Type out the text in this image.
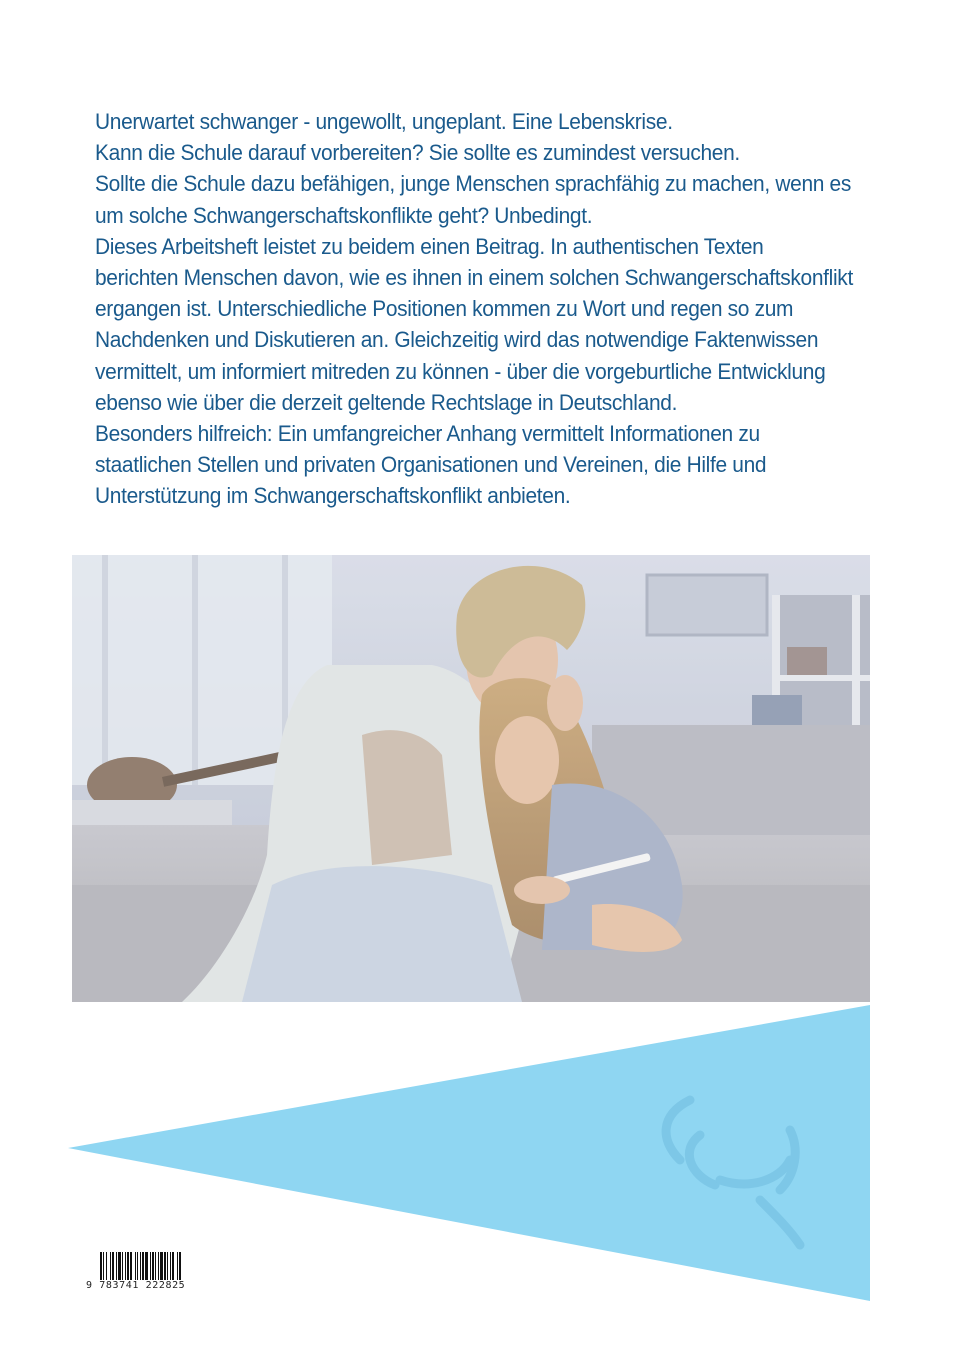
Unerwartet schwanger - ungewollt, ungeplant. Eine Lebenskrise.
Kann die Schule darauf vorbereiten? Sie sollte es zumindest versuchen.
Sollte die Schule dazu befähigen, junge Menschen sprachfähig zu machen, wenn es
um solche Schwangerschaftskonflikte geht? Unbedingt.
Dieses Arbeitsheft leistet zu beidem einen Beitrag. In authentischen Texten
berichten Menschen davon, wie es ihnen in einem solchen Schwangerschaftskonflikt
ergangen ist. Unterschiedliche Positionen kommen zu Wort und regen so zum
Nachdenken und Diskutieren an. Gleichzeitig wird das notwendige Faktenwissen
vermittelt, um informiert mitreden zu können - über die vorgeburtliche Entwicklung
ebenso wie über die derzeit geltende Rechtslage in Deutschland.
Besonders hilfreich: Ein umfangreicher Anhang vermittelt Informationen zu
staatlichen Stellen und privaten Organisationen und Vereinen, die Hilfe und
Unterstützung im Schwangerschaftskonflikt anbieten.
9 783741 222825
